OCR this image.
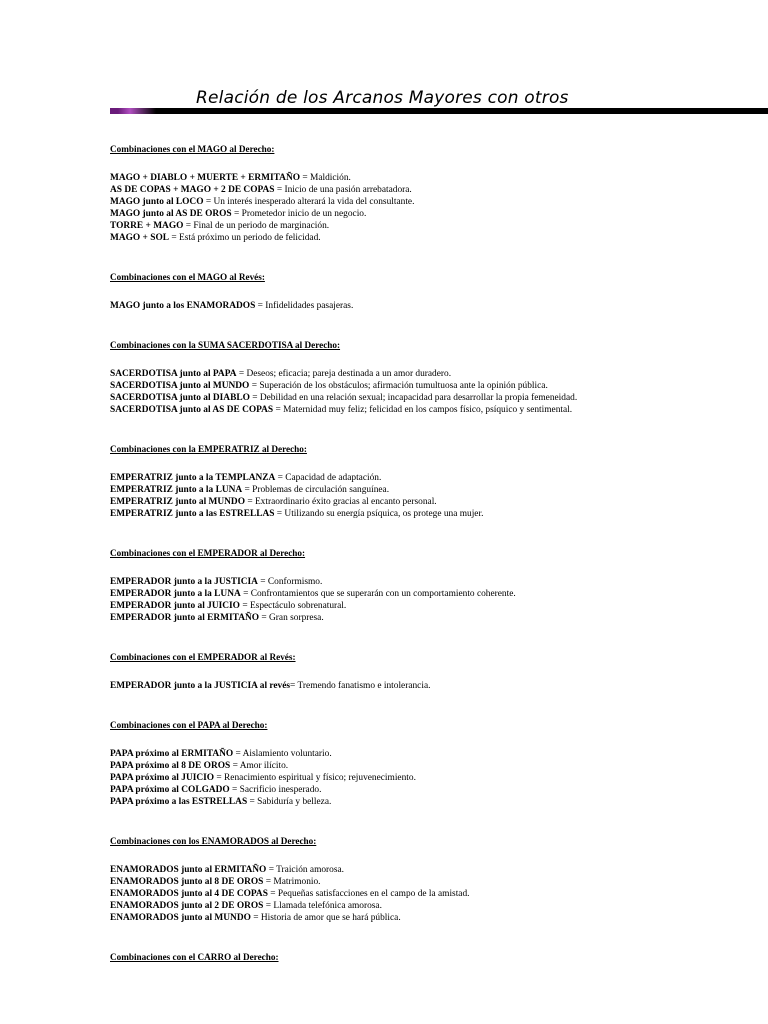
Relación de los Arcanos Mayores con otros
Combinaciones con el MAGO al Derecho:
MAGO + DIABLO + MUERTE + ERMITAÑO = Maldición.
AS DE COPAS + MAGO + 2 DE COPAS = Inicio de una pasión arrebatadora.
MAGO junto al LOCO = Un interés inesperado alterará la vida del consultante.
MAGO junto al AS DE OROS = Prometedor inicio de un negocio.
TORRE + MAGO = Final de un periodo de marginación.
MAGO + SOL = Está próximo un periodo de felicidad.
Combinaciones con el MAGO al Revés:
MAGO junto a los ENAMORADOS = Infidelidades pasajeras.
Combinaciones con la SUMA SACERDOTISA al Derecho:
SACERDOTISA junto al PAPA = Deseos; eficacia; pareja destinada a un amor duradero.
SACERDOTISA junto al MUNDO = Superación de los obstáculos; afirmación tumultuosa ante la opinión pública.
SACERDOTISA junto al DIABLO = Debilidad en una relación sexual; incapacidad para desarrollar la propia femeneidad.
SACERDOTISA junto al AS DE COPAS = Maternidad muy feliz; felicidad en los campos físico, psíquico y sentimental.
Combinaciones con la EMPERATRIZ al Derecho:
EMPERATRIZ junto a la TEMPLANZA = Capacidad de adaptación.
EMPERATRIZ junto a la LUNA = Problemas de circulación sanguínea.
EMPERATRIZ junto al MUNDO = Extraordinario éxito gracias al encanto personal.
EMPERATRIZ junto a las ESTRELLAS = Utilizando su energía psíquica, os protege una mujer.
Combinaciones con el EMPERADOR al Derecho:
EMPERADOR junto a la JUSTICIA = Conformismo.
EMPERADOR junto a la LUNA = Confrontamientos que se superarán con un comportamiento coherente.
EMPERADOR junto al JUICIO = Espectáculo sobrenatural.
EMPERADOR junto al ERMITAÑO = Gran sorpresa.
Combinaciones con el EMPERADOR al Revés:
EMPERADOR junto a la JUSTICIA al revés= Tremendo fanatismo e intolerancia.
Combinaciones con el PAPA al Derecho:
PAPA próximo al ERMITAÑO = Aislamiento voluntario.
PAPA próximo al 8 DE OROS = Amor ilícito.
PAPA próximo al JUICIO = Renacimiento espiritual y físico; rejuvenecimiento.
PAPA próximo al COLGADO = Sacrificio inesperado.
PAPA próximo a las ESTRELLAS = Sabiduría y belleza.
Combinaciones con los ENAMORADOS al Derecho:
ENAMORADOS junto al ERMITAÑO = Traición amorosa.
ENAMORADOS junto al 8 DE OROS = Matrimonio.
ENAMORADOS junto al 4 DE COPAS = Pequeñas satisfacciones en el campo de la amistad.
ENAMORADOS junto al 2 DE OROS = Llamada telefónica amorosa.
ENAMORADOS junto al MUNDO = Historia de amor que se hará pública.
Combinaciones con el CARRO al Derecho:
